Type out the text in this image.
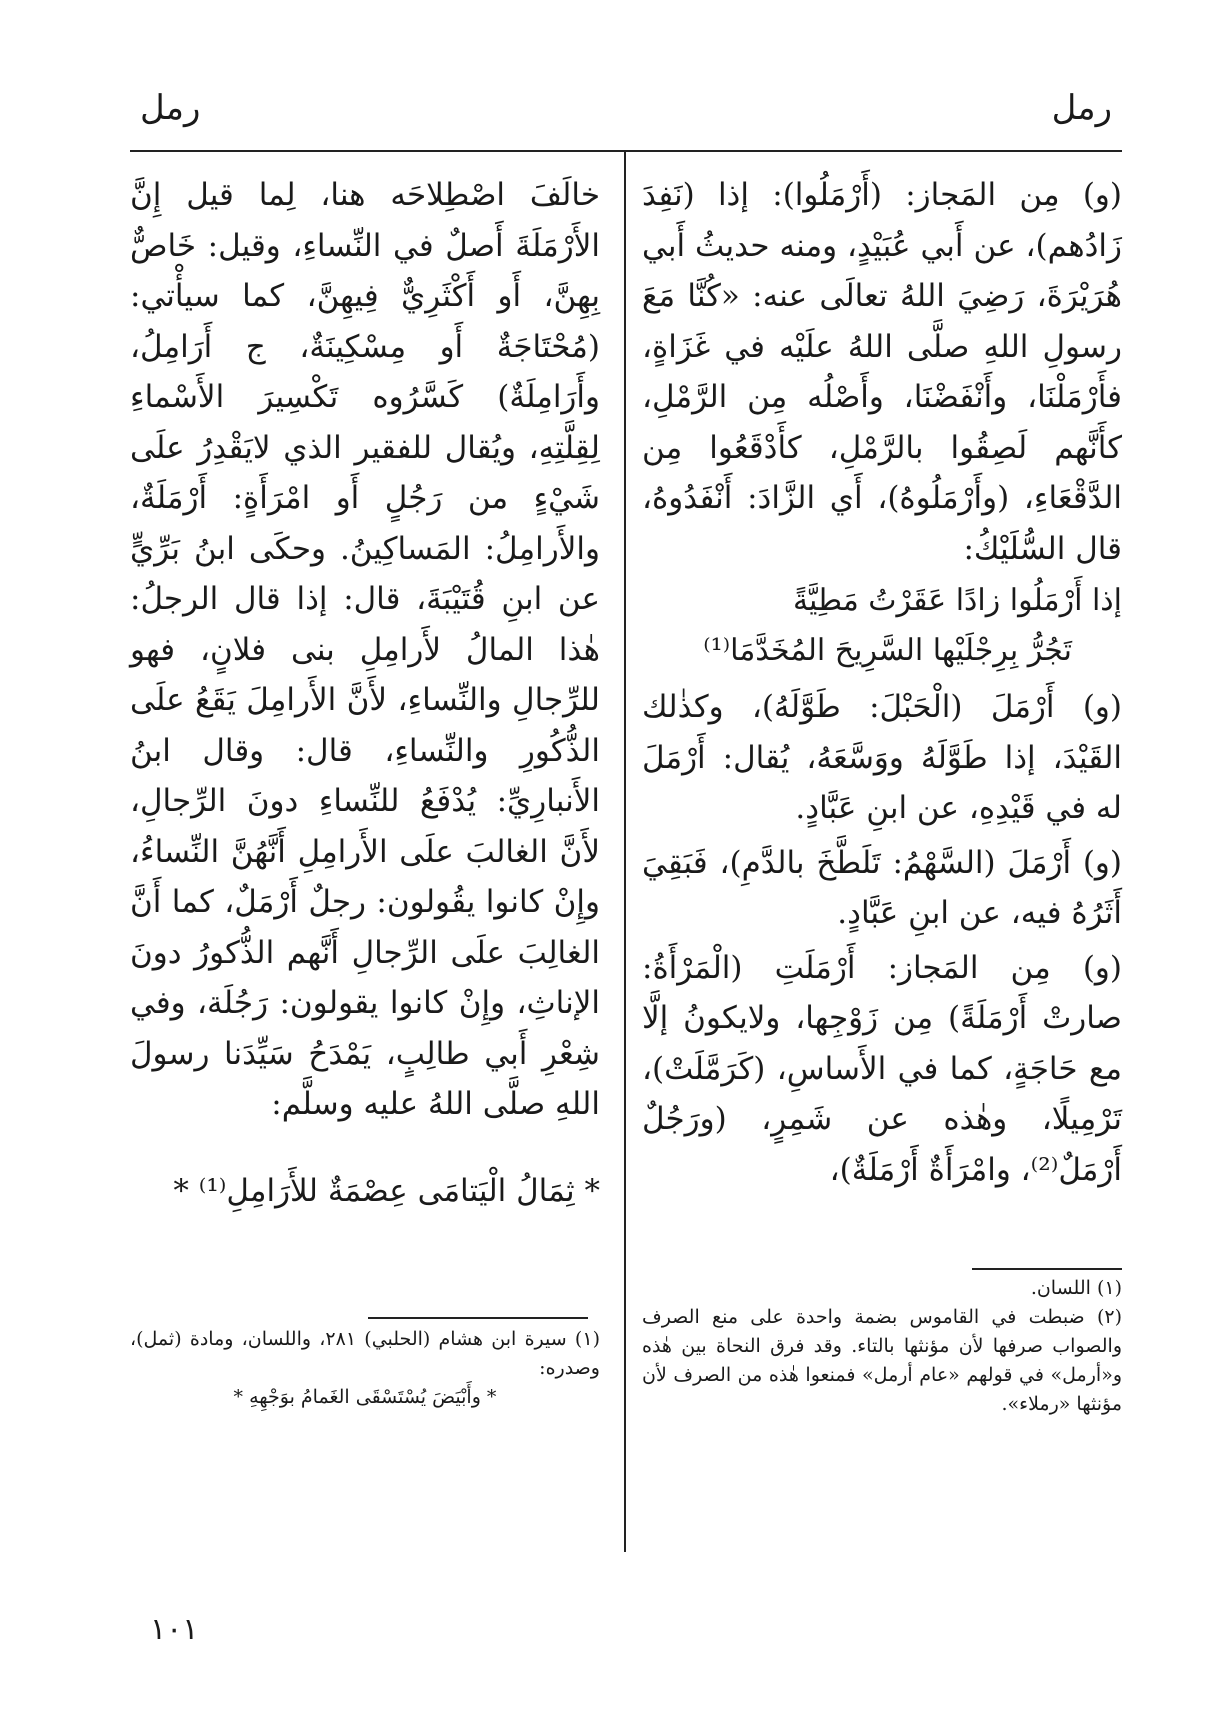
رمل
رمل

(و) مِن المَجاز: (أَرْمَلُوا): إذا (نَفِدَ زَادُهم)، عن أَبي عُبَيْدٍ، ومنه حديثُ أَبي هُرَيْرَةَ، رَضِيَ اللهُ تعالَى عنه: «كُنَّا مَعَ رسولِ اللهِ صلَّى اللهُ علَيْه في غَزَاةٍ، فأَرْمَلْنَا، وأَنْفَضْنَا، وأَصْلُه مِن الرَّمْلِ، كأَنَّهم لَصِقُوا بالرَّمْلِ، كأَدْقَعُوا مِن الدَّقْعَاءِ، (وأَرْمَلُوهُ)، أَي الزَّادَ: أَنْفَدُوهُ، قال السُّلَيْكُ:

إذا أَرْمَلُوا زادًا عَقَرْتُ مَطِيَّةً
تَجُرُّ بِرِجْلَيْها السَّرِيحَ المُخَدَّمَا⁽¹⁾

(و) أَرْمَلَ (الْحَبْلَ: طَوَّلَهُ)، وكذٰلك القَيْدَ، إذا طَوَّلَهُ ووَسَّعَهُ، يُقال: أَرْمَلَ له في قَيْدِهِ، عن ابنِ عَبَّادٍ.

(و) أَرْمَلَ (السَّهْمُ: تَلَطَّخَ بالدَّمِ)، فَبَقِيَ أَثَرُهُ فيه، عن ابنِ عَبَّادٍ.

(و) مِن المَجاز: أَرْمَلَتِ (الْمَرْأَةُ: صارتْ أَرْمَلَةً) مِن زَوْجِها، ولايكونُ إلَّا مع حَاجَةٍ، كما في الأَساسِ، (كَرَمَّلَتْ)، تَرْمِيلًا، وهٰذه عن شَمِرٍ، (ورَجُلٌ أَرْمَلٌ⁽²⁾، وامْرَأَةٌ أَرْمَلَةٌ)،

(١) اللسان.

(٢) ضبطت في القاموس بضمة واحدة على منع الصرف والصواب صرفها لأن مؤنثها بالتاء. وقد فرق النحاة بين هٰذه و«أرمل» في قولهم «عام أرمل» فمنعوا هٰذه من الصرف لأن مؤنثها «رملاء».

خالَفَ اصْطِلاحَه هنا، لِما قيل إِنَّ الأَرْمَلَةَ أَصلٌ في النِّساءِ، وقيل: خَاصٌّ بِهِنَّ، أَو أَكْثَرِيٌّ فِيهِنَّ، كما سيأْتي: (مُحْتَاجَةٌ أَو مِسْكِينَةٌ، ج أَرَامِلُ، وأَرَامِلَةٌ) كَسَّرُوه تَكْسِيرَ الأَسْماءِ لِقِلَّتِهِ، ويُقال للفقير الذي لايَقْدِرُ علَى شَيْءٍ من رَجُلٍ أَو امْرَأَةٍ: أَرْمَلَةٌ، والأَرامِلُ: المَساكِينُ. وحكَى ابنُ بَرِّيٍّ عن ابنِ قُتَيْبَةَ، قال: إذا قال الرجلُ: هٰذا المالُ لأَرامِلِ بنى فلانٍ، فهو للرِّجالِ والنِّساءِ، لأَنَّ الأَرامِلَ يَقَعُ علَى الذُّكُورِ والنِّساءِ، قال: وقال ابنُ الأَنبارِيِّ: يُدْفَعُ للنِّساءِ دونَ الرِّجالِ، لأَنَّ الغالبَ علَى الأَرامِلِ أَنَّهُنَّ النِّساءُ، وإِنْ كانوا يقُولون: رجلٌ أَرْمَلٌ، كما أَنَّ الغالِبَ علَى الرِّجالِ أَنَّهم الذُّكورُ دونَ الإناثِ، وإِنْ كانوا يقولون: رَجُلَة، وفي شِعْرِ أَبي طالِبٍ، يَمْدَحُ سَيِّدَنا رسولَ اللهِ صلَّى اللهُ عليه وسلَّم:

* ثِمَالُ الْيَتامَى عِصْمَةٌ للأَرَامِلِ⁽¹⁾ *

(١) سيرة ابن هشام (الحلبي) ٢٨١، واللسان، ومادة (ثمل)، وصدره:

* وأَبْيَضَ يُسْتَسْقَى الغَمامُ بوَجْهِهِ *

١٠١
